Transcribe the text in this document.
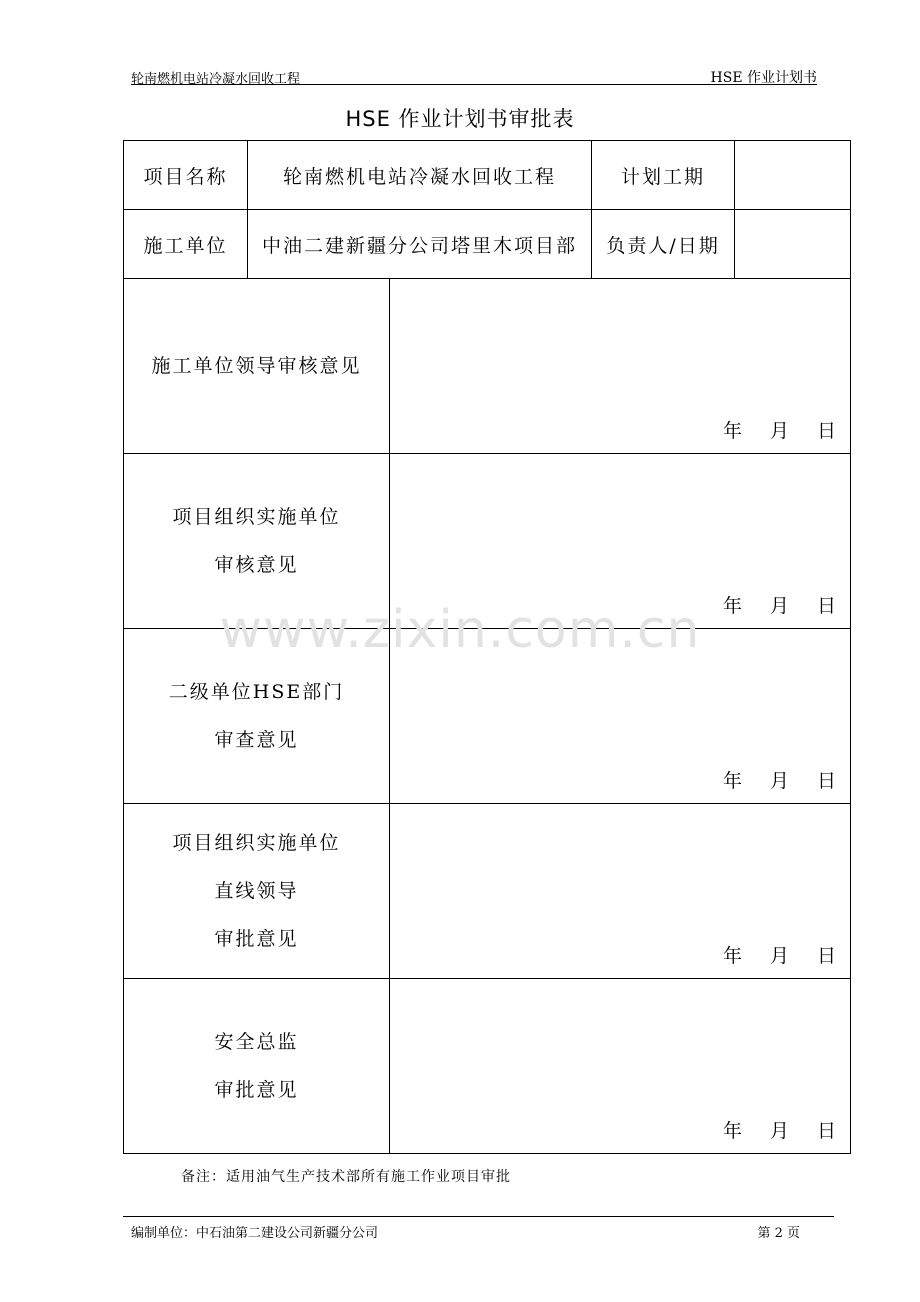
轮南燃机电站冷凝水回收工程	HSE 作业计划书
HSE 作业计划书审批表
项目名称	轮南燃机电站冷凝水回收工程		计划工期	
施工单位	中油二建新疆分公司塔里木项目部		负责人/日期	

施工单位领导审核意见		年 月 日		

项目组织实施单位
审核意见		年 月 日		

二级单位HSE部门
审查意见		年 月 日		

项目组织实施单位
直线领导
审批意见		年 月 日		

安全总监
审批意见		年 月 日		
www.zixin.com.cn
备注：适用油气生产技术部所有施工作业项目审批
编制单位：中石油第二建设公司新疆分公司	第 2 页
